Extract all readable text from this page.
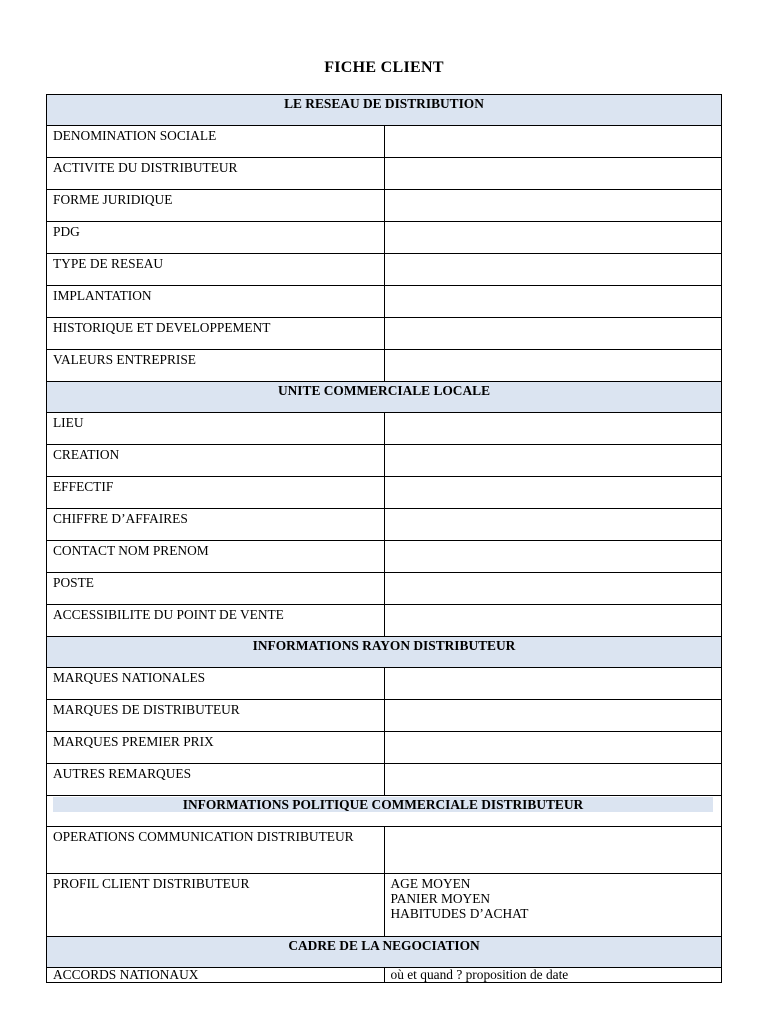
FICHE CLIENT
LE RESEAU DE DISTRIBUTION	
DENOMINATION SOCIALE	
ACTIVITE DU DISTRIBUTEUR	
FORME JURIDIQUE	
PDG	
TYPE DE RESEAU	
IMPLANTATION	
HISTORIQUE ET DEVELOPPEMENT	
VALEURS ENTREPRISE	
UNITE COMMERCIALE LOCALE	
LIEU	
CREATION	
EFFECTIF	
CHIFFRE D’AFFAIRES	
CONTACT NOM PRENOM	
POSTE	
ACCESSIBILITE DU POINT DE VENTE	
INFORMATIONS RAYON DISTRIBUTEUR	
MARQUES NATIONALES	
MARQUES DE DISTRIBUTEUR	
MARQUES PREMIER PRIX	
AUTRES REMARQUES	

INFORMATIONS POLITIQUE COMMERCIALE DISTRIBUTEUR	

OPERATIONS COMMUNICATION DISTRIBUTEUR	
PROFIL CLIENT DISTRIBUTEUR	AGE MOYEN
PANIER MOYEN
HABITUDES D’ACHAT

CADRE DE LA NEGOCIATION	
ACCORDS NATIONAUX	où et quand ? proposition de date
